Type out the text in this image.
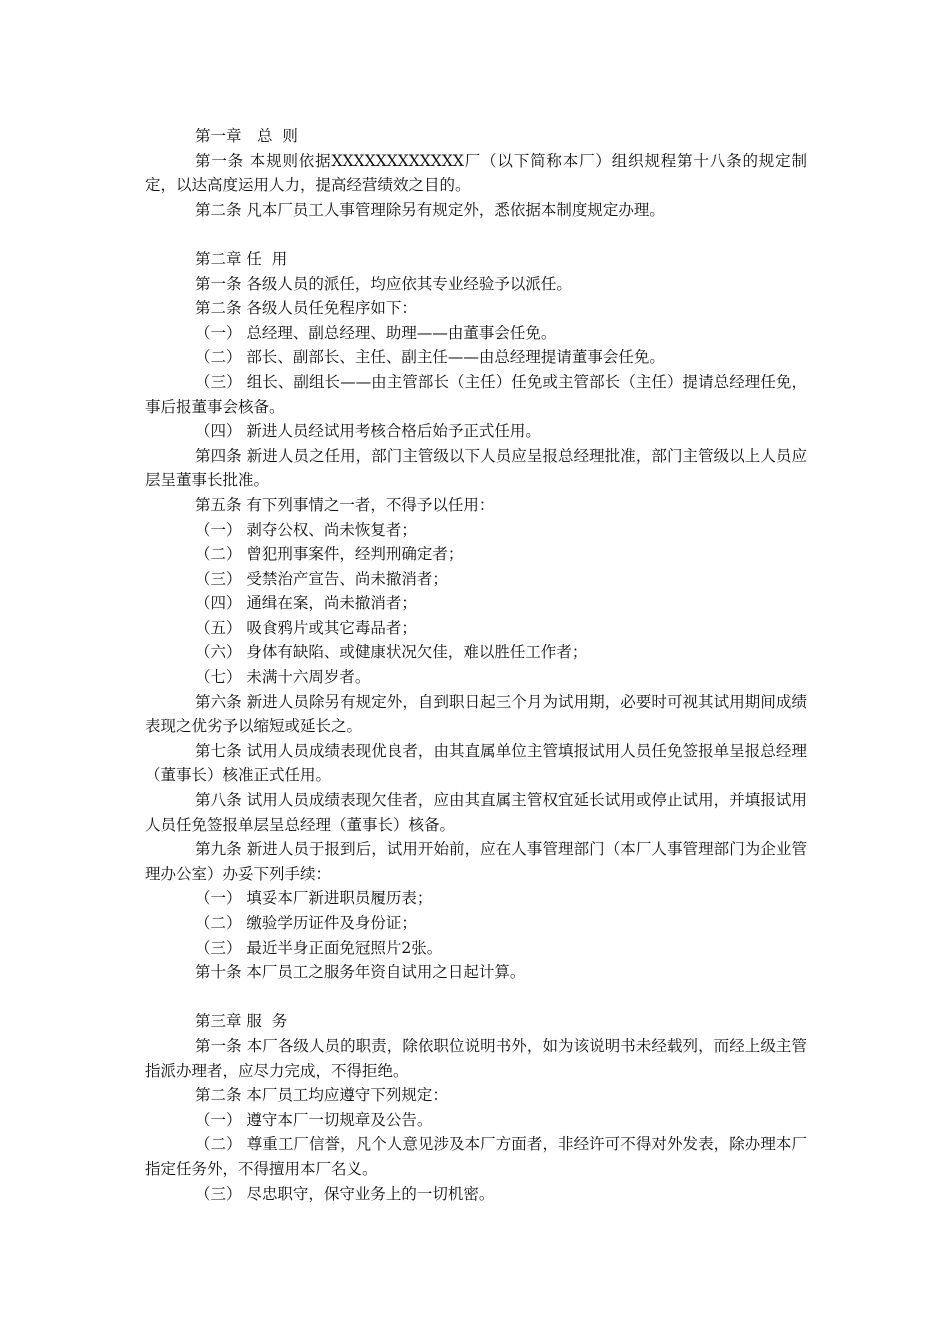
第一章　总  则

第一条 本规则依据XXXXXXXXXXXX厂（以下简称本厂）组织规程第十八条的规定制定，以达高度运用人力，提高经营绩效之目的。

第二条 凡本厂员工人事管理除另有规定外，悉依据本制度规定办理。

第二章 任  用

第一条 各级人员的派任，均应依其专业经验予以派任。

第二条 各级人员任免程序如下：

（一） 总经理、副总经理、助理——由董事会任免。

（二） 部长、副部长、主任、副主任——由总经理提请董事会任免。

（三） 组长、副组长——由主管部长（主任）任免或主管部长（主任）提请总经理任免，事后报董事会核备。

（四） 新进人员经试用考核合格后始予正式任用。

第四条 新进人员之任用，部门主管级以下人员应呈报总经理批准，部门主管级以上人员应层呈董事长批准。

第五条 有下列事情之一者，不得予以任用：

（一） 剥夺公权、尚未恢复者；

（二） 曾犯刑事案件，经判刑确定者；

（三） 受禁治产宣告、尚未撤消者；

（四） 通缉在案，尚未撤消者；

（五） 吸食鸦片或其它毒品者；

（六） 身体有缺陷、或健康状况欠佳，难以胜任工作者；

（七） 未满十六周岁者。

第六条 新进人员除另有规定外，自到职日起三个月为试用期，必要时可视其试用期间成绩表现之优劣予以缩短或延长之。

第七条 试用人员成绩表现优良者，由其直属单位主管填报试用人员任免签报单呈报总经理（董事长）核准正式任用。

第八条 试用人员成绩表现欠佳者，应由其直属主管权宜延长试用或停止试用，并填报试用人员任免签报单层呈总经理（董事长）核备。

第九条 新进人员于报到后，试用开始前，应在人事管理部门（本厂人事管理部门为企业管理办公室）办妥下列手续：

（一） 填妥本厂新进职员履历表；

（二） 缴验学历证件及身份证；

（三） 最近半身正面免冠照片2张。

第十条 本厂员工之服务年资自试用之日起计算。

第三章 服  务

第一条 本厂各级人员的职责，除依职位说明书外，如为该说明书未经载列，而经上级主管指派办理者，应尽力完成，不得拒绝。

第二条 本厂员工均应遵守下列规定：

（一） 遵守本厂一切规章及公告。

（二） 尊重工厂信誉，凡个人意见涉及本厂方面者，非经许可不得对外发表，除办理本厂指定任务外，不得擅用本厂名义。

（三） 尽忠职守，保守业务上的一切机密。
